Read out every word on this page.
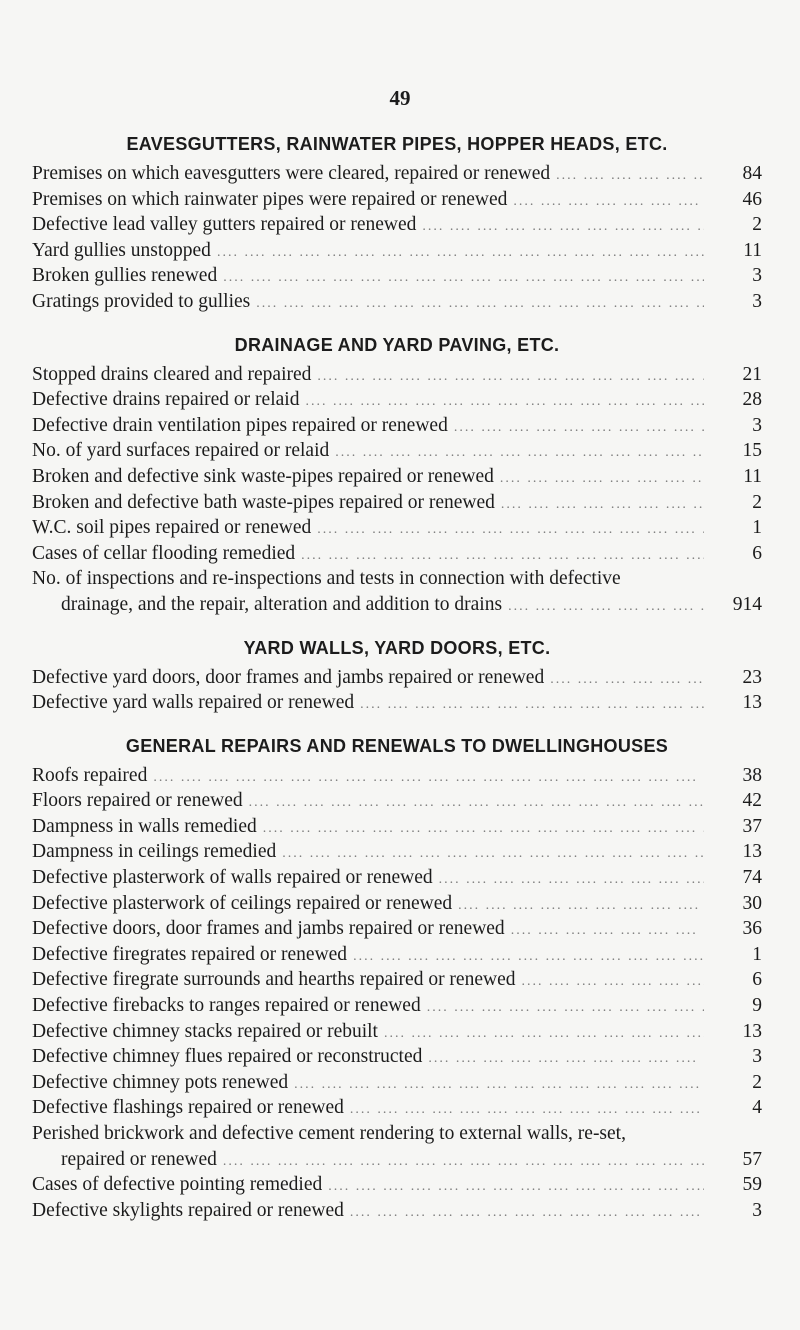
49
EAVESGUTTERS, RAINWATER PIPES, HOPPER HEADS, ETC.
Premises on which eavesgutters were cleared, repaired or renewed ....	84
Premises on which rainwater pipes were repaired or renewed ....	46
Defective lead valley gutters repaired or renewed ....	2
Yard gullies unstopped ....	11
Broken gullies renewed ....	3
Gratings provided to gullies ....	3
DRAINAGE AND YARD PAVING, ETC.
Stopped drains cleared and repaired ....	21
Defective drains repaired or relaid ....	28
Defective drain ventilation pipes repaired or renewed ....	3
No. of yard surfaces repaired or relaid ....	15
Broken and defective sink waste-pipes repaired or renewed ....	11
Broken and defective bath waste-pipes repaired or renewed ....	2
W.C. soil pipes repaired or renewed ....	1
Cases of cellar flooding remedied ....	6
No. of inspections and re-inspections and tests in connection with defective
drainage, and the repair, alteration and addition to drains ....	914
YARD WALLS, YARD DOORS, ETC.
Defective yard doors, door frames and jambs repaired or renewed ....	23
Defective yard walls repaired or renewed ....	13
GENERAL REPAIRS AND RENEWALS TO DWELLINGHOUSES
Roofs repaired ....	38
Floors repaired or renewed ....	42
Dampness in walls remedied ....	37
Dampness in ceilings remedied ....	13
Defective plasterwork of walls repaired or renewed ....	74
Defective plasterwork of ceilings repaired or renewed ....	30
Defective doors, door frames and jambs repaired or renewed ....	36
Defective firegrates repaired or renewed ....	1
Defective firegrate surrounds and hearths repaired or renewed ....	6
Defective firebacks to ranges repaired or renewed ....	9
Defective chimney stacks repaired or rebuilt ....	13
Defective chimney flues repaired or reconstructed ....	3
Defective chimney pots renewed ....	2
Defective flashings repaired or renewed ....	4
Perished brickwork and defective cement rendering to external walls, re-set,
repaired or renewed ....	57
Cases of defective pointing remedied ....	59
Defective skylights repaired or renewed ....	3
